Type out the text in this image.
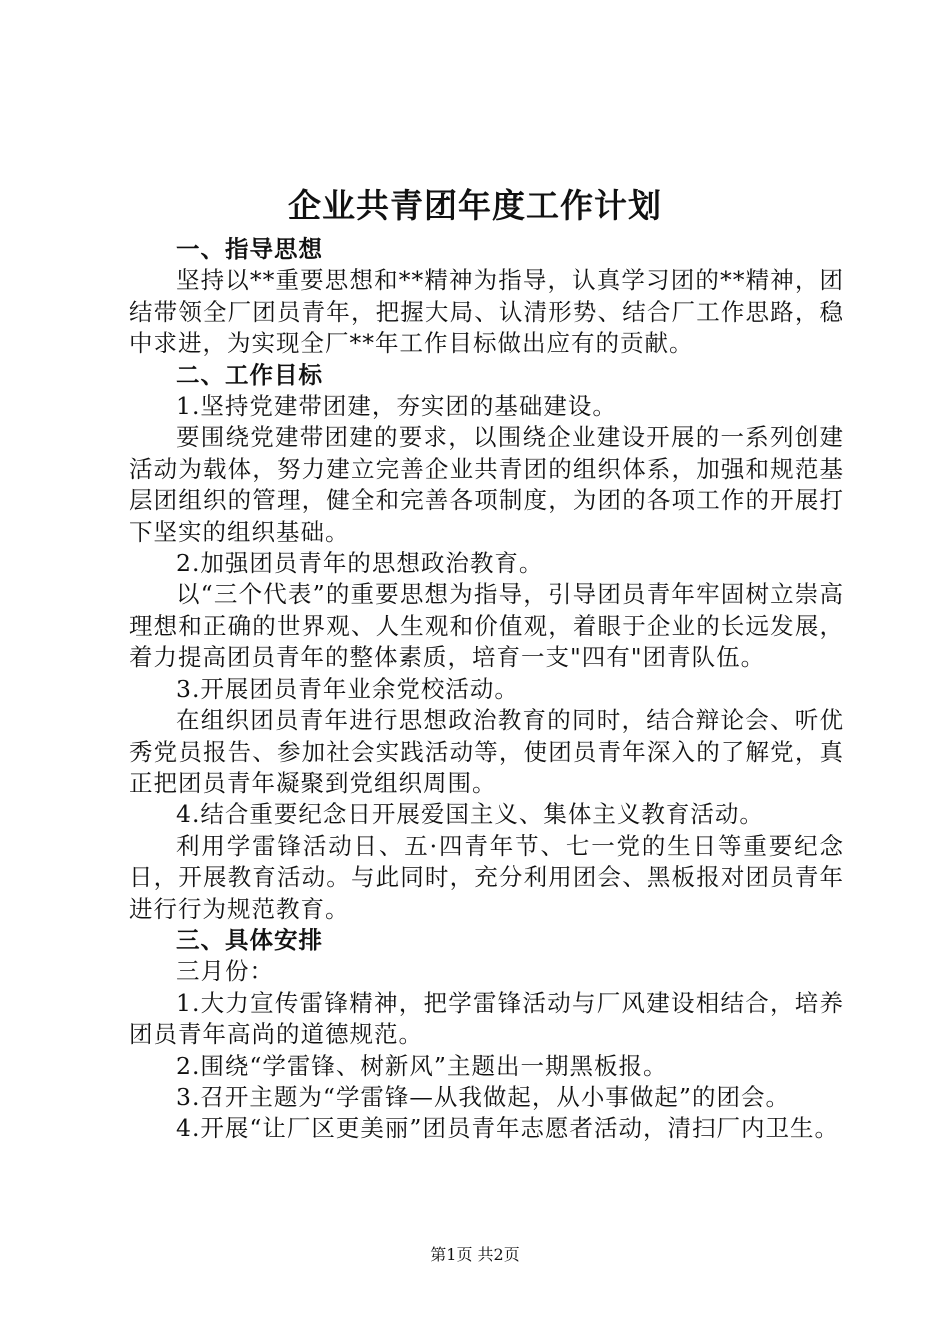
企业共青团年度工作计划

一、指导思想

坚持以**重要思想和**精神为指导，认真学习团的**精神，团结带领全厂团员青年，把握大局、认清形势、结合厂工作思路，稳中求进，为实现全厂**年工作目标做出应有的贡献。

二、工作目标

1.坚持党建带团建，夯实团的基础建设。

要围绕党建带团建的要求，以围绕企业建设开展的一系列创建活动为载体，努力建立完善企业共青团的组织体系，加强和规范基层团组织的管理，健全和完善各项制度，为团的各项工作的开展打下坚实的组织基础。

2.加强团员青年的思想政治教育。

以“三个代表”的重要思想为指导，引导团员青年牢固树立崇高理想和正确的世界观、人生观和价值观，着眼于企业的长远发展，着力提高团员青年的整体素质，培育一支"四有"团青队伍。

3.开展团员青年业余党校活动。

在组织团员青年进行思想政治教育的同时，结合辩论会、听优秀党员报告、参加社会实践活动等，使团员青年深入的了解党，真正把团员青年凝聚到党组织周围。

4.结合重要纪念日开展爱国主义、集体主义教育活动。

利用学雷锋活动日、五·四青年节、七一党的生日等重要纪念日，开展教育活动。与此同时，充分利用团会、黑板报对团员青年进行行为规范教育。

三、具体安排

三月份：

1.大力宣传雷锋精神，把学雷锋活动与厂风建设相结合，培养团员青年高尚的道德规范。

2.围绕“学雷锋、树新风”主题出一期黑板报。

3.召开主题为“学雷锋—从我做起，从小事做起”的团会。

4.开展“让厂区更美丽”团员青年志愿者活动，清扫厂内卫生。

第1页 共2页
